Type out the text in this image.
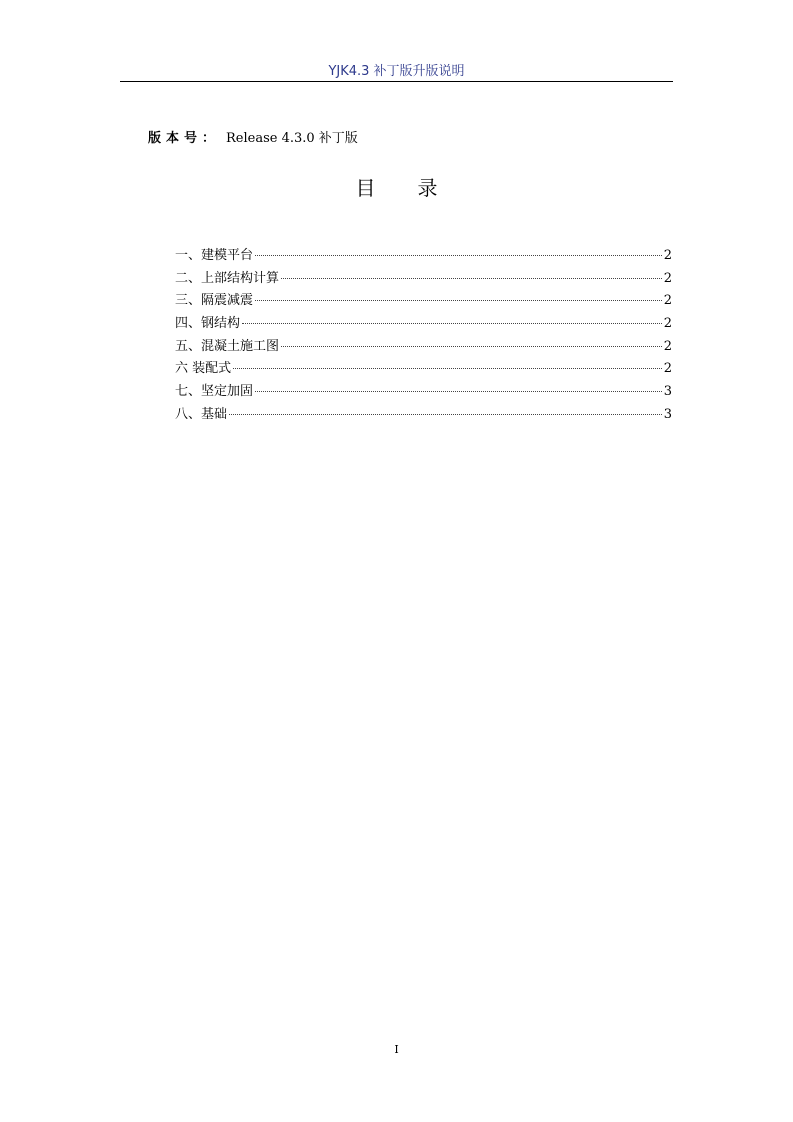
YJK4.3 补丁版升版说明
版本号： Release 4.3.0 补丁版
目 录
一、建模平台	2
二、上部结构计算	2
三、隔震减震	2
四、钢结构	2
五、混凝土施工图	2
六 装配式	2
七、坚定加固	3
八、基础	3
I
